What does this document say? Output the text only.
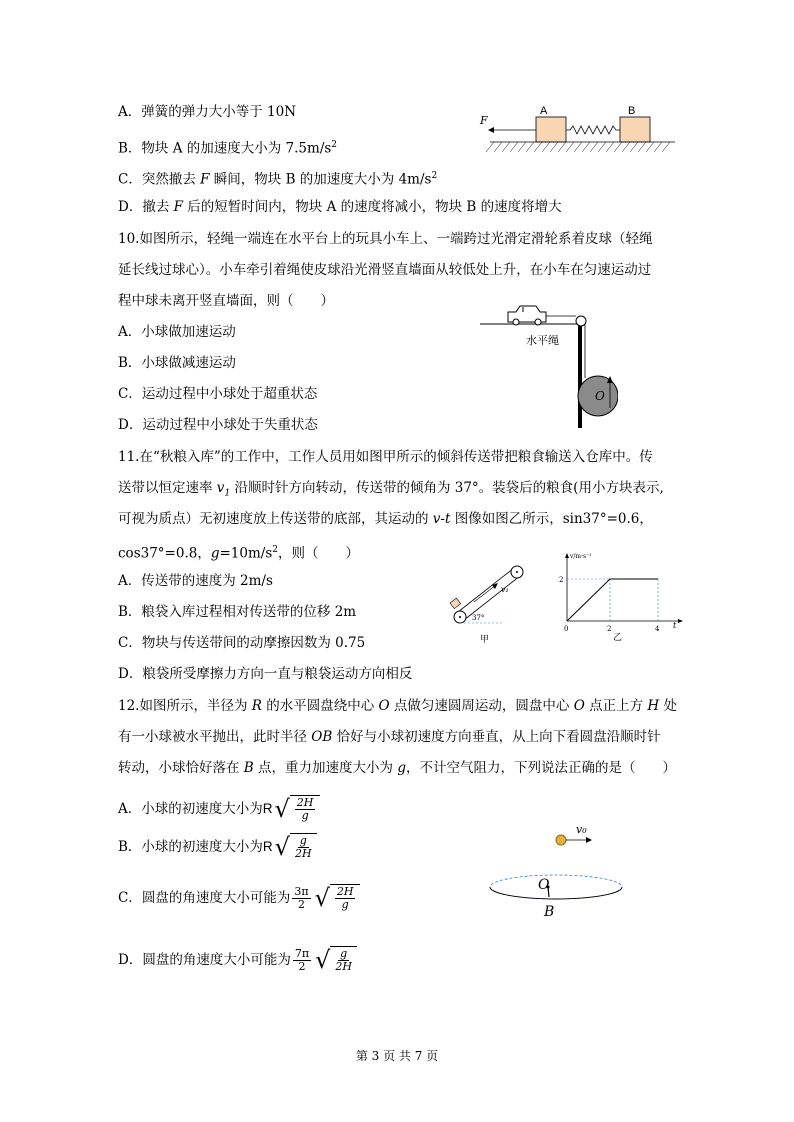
A．弹簧的弹力大小等于 10N
B．物块 A 的加速度大小为 $7.5m/s^2$
C．突然撤去 F 瞬间，物块 B 的加速度大小为 $4m/s^2$
D．撤去 F 后的短暂时间内，物块 A 的速度将减小，物块 B 的速度将增大
A	B
F
10.如图所示，轻绳一端连在水平台上的玩具小车上、一端跨过光滑定滑轮系着皮球（轻绳
延长线过球心）。小车牵引着绳使皮球沿光滑竖直墙面从较低处上升，在小车在匀速运动过
程中球未离开竖直墙面，则（　　）
A．小球做加速运动
B．小球做减速运动
C．运动过程中小球处于超重状态
D．运动过程中小球处于失重状态
O
水平绳
11.在“秋粮入库”的工作中，工作人员用如图甲所示的倾斜传送带把粮食输送入仓库中。传
送带以恒定速率 $v_1$ 沿顺时针方向转动，传送带的倾角为 37°。装袋后的粮食(用小方块表示,
可视为质点）无初速度放上传送带的底部，其运动的 v-t 图像如图乙所示，sin37°=0.6，
cos37°=0.8，$g=10m/s^2$，则（　　）
A．传送带的速度为 2m/s
B．粮袋入库过程相对传送带的位移 2m
C．物块与传送带间的动摩擦因数为 0.75
D．粮袋所受摩擦力方向一直与粮袋运动方向相反
v₁
37°
甲
v/m·s⁻¹
2
0	2	4 t
乙
12.如图所示，半径为 R 的水平圆盘绕中心 O 点做匀速圆周运动，圆盘中心 O 点正上方 H 处
有一小球被水平抛出，此时半径 OB 恰好与小球初速度方向垂直，从上向下看圆盘沿顺时针
转动，小球恰好落在 B 点，重力加速度大小为 g，不计空气阻力，下列说法正确的是（　　）
A．小球的初速度大小为 R √ $\frac{2H}{g}$
B．小球的初速度大小为 R √ $\frac{g}{2H}$
C．圆盘的角速度大小可能为 $\frac{3\pi}{2}$ √ $\frac{2H}{g}$
D．圆盘的角速度大小可能为 $\frac{7\pi}{2}$ √ $\frac{g}{2H}$
v₀
O
B
第 3 页 共 7 页
